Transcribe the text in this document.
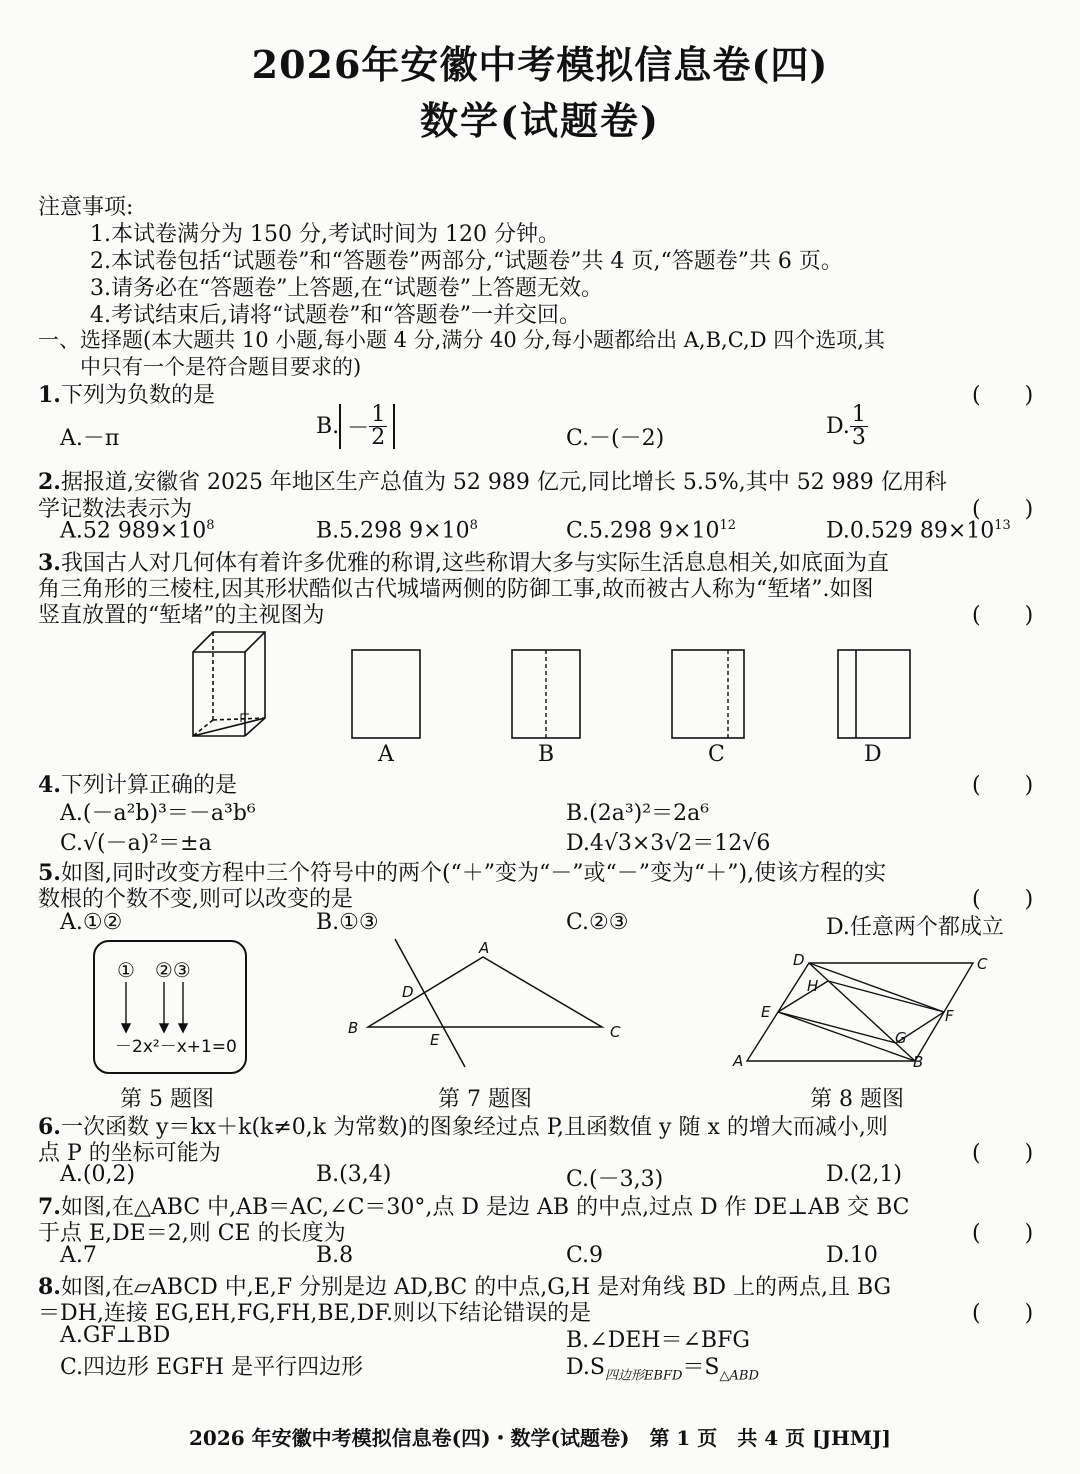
2026年安徽中考模拟信息卷(四)
数学(试题卷)
注意事项:
1.本试卷满分为 150 分,考试时间为 120 分钟。
2.本试卷包括“试题卷”和“答题卷”两部分,“试题卷”共 4 页,“答题卷”共 6 页。
3.请务必在“答题卷”上答题,在“试题卷”上答题无效。
4.考试结束后,请将“试题卷”和“答题卷”一并交回。
一、选择题(本大题共 10 小题,每小题 4 分,满分 40 分,每小题都给出 A,B,C,D 四个选项,其
中只有一个是符合题目要求的)
1.下列为负数的是	(　　)
A.－π	B. － $\frac{1}{2}$	C.－(－2)	D. $\frac{1}{3}$
2.据报道,安徽省 2025 年地区生产总值为 52 989 亿元,同比增长 5.5%,其中 52 989 亿用科
学记数法表示为	(　　)
A.52 $989\times 10^8$	B.5.298 $9\times 10^8$	C.5.298 $9\times 10^{12}$	D.0.529 $89\times 10^{13}$
3.我国古人对几何体有着许多优雅的称谓,这些称谓大多与实际生活息息相关,如底面为直
角三角形的三棱柱,因其形状酷似古代城墙两侧的防御工事,故而被古人称为“堑堵”.如图
竖直放置的“堑堵”的主视图为	(　　)
A	B	C	D
4.下列计算正确的是	(　　)
A.(－a²b)³＝－a³b⁶	B.(2a³)²＝2a⁶
C.√(－a)²＝±a	D.4√3×3√2＝12√6
5.如图,同时改变方程中三个符号中的两个(“＋”变为“－”或“－”变为“＋”),使该方程的实
数根的个数不变,则可以改变的是	(　　)
A.①②	B.①③	C.②③	D.任意两个都成立
①　②③
－2x²－x+1=0
第 5 题图
A
B	C
D
E
第 7 题图
A	B
C
D
E	F
G
H
第 8 题图
6.一次函数 y＝kx＋k(k≠0,k 为常数)的图象经过点 P,且函数值 y 随 x 的增大而减小,则
点 P 的坐标可能为	(　　)
A.(0,2)	B.(3,4)	C.(－3,3)	D.(2,1)
7.如图,在△ABC 中,AB＝AC,∠C＝30°,点 D 是边 AB 的中点,过点 D 作 DE⊥AB 交 BC
于点 E,DE＝2,则 CE 的长度为	(　　)
A.7	B.8	C.9	D.10
8.如图,在▱ABCD 中,E,F 分别是边 AD,BC 的中点,G,H 是对角线 BD 上的两点,且 BG
＝DH,连接 EG,EH,FG,FH,BE,DF.则以下结论错误的是	(　　)
A.GF⊥BD	B.∠DEH＝∠BFG
C.四边形 EGFH 是平行四边形	$D.S_{四边形EBFD}=S_{\triangle ABD}$
2026 年安徽中考模拟信息卷(四)・数学(试题卷)　第 1 页　共 4 页 [JHMJ]
